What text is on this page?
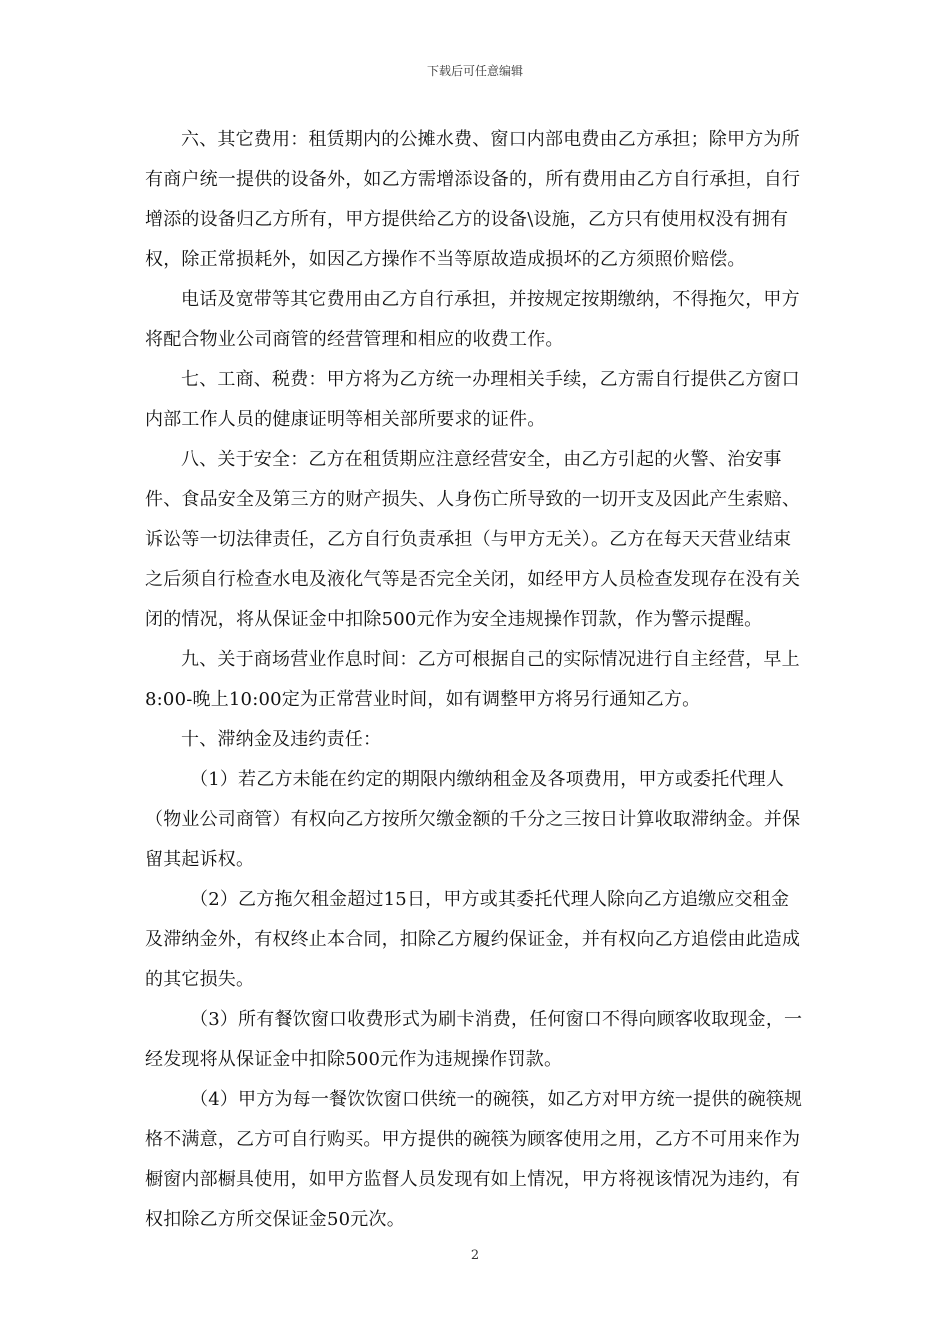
下载后可任意编辑

六、其它费用：租赁期内的公摊水费、窗口内部电费由乙方承担；除甲方为所有商户统一提供的设备外，如乙方需增添设备的，所有费用由乙方自行承担，自行增添的设备归乙方所有，甲方提供给乙方的设备\设施，乙方只有使用权没有拥有权，除正常损耗外，如因乙方操作不当等原故造成损坏的乙方须照价赔偿。

电话及宽带等其它费用由乙方自行承担，并按规定按期缴纳，不得拖欠，甲方将配合物业公司商管的经营管理和相应的收费工作。

七、工商、税费：甲方将为乙方统一办理相关手续，乙方需自行提供乙方窗口内部工作人员的健康证明等相关部所要求的证件。

八、关于安全：乙方在租赁期应注意经营安全，由乙方引起的火警、治安事件、食品安全及第三方的财产损失、人身伤亡所导致的一切开支及因此产生索赔、诉讼等一切法律责任，乙方自行负责承担（与甲方无关）。乙方在每天天营业结束之后须自行检查水电及液化气等是否完全关闭，如经甲方人员检查发现存在没有关闭的情况，将从保证金中扣除500元作为安全违规操作罚款，作为警示提醒。

九、关于商场营业作息时间：乙方可根据自己的实际情况进行自主经营，早上8:00-晚上10:00定为正常营业时间，如有调整甲方将另行通知乙方。

十、滞纳金及违约责任：

（1）若乙方未能在约定的期限内缴纳租金及各项费用，甲方或委托代理人（物业公司商管）有权向乙方按所欠缴金额的千分之三按日计算收取滞纳金。并保留其起诉权。

（2）乙方拖欠租金超过15日，甲方或其委托代理人除向乙方追缴应交租金及滞纳金外，有权终止本合同，扣除乙方履约保证金，并有权向乙方追偿由此造成的其它损失。

（3）所有餐饮窗口收费形式为刷卡消费，任何窗口不得向顾客收取现金，一经发现将从保证金中扣除500元作为违规操作罚款。

（4）甲方为每一餐饮饮窗口供统一的碗筷，如乙方对甲方统一提供的碗筷规格不满意，乙方可自行购买。甲方提供的碗筷为顾客使用之用，乙方不可用来作为橱窗内部橱具使用，如甲方监督人员发现有如上情况，甲方将视该情况为违约，有权扣除乙方所交保证金50元次。

2
